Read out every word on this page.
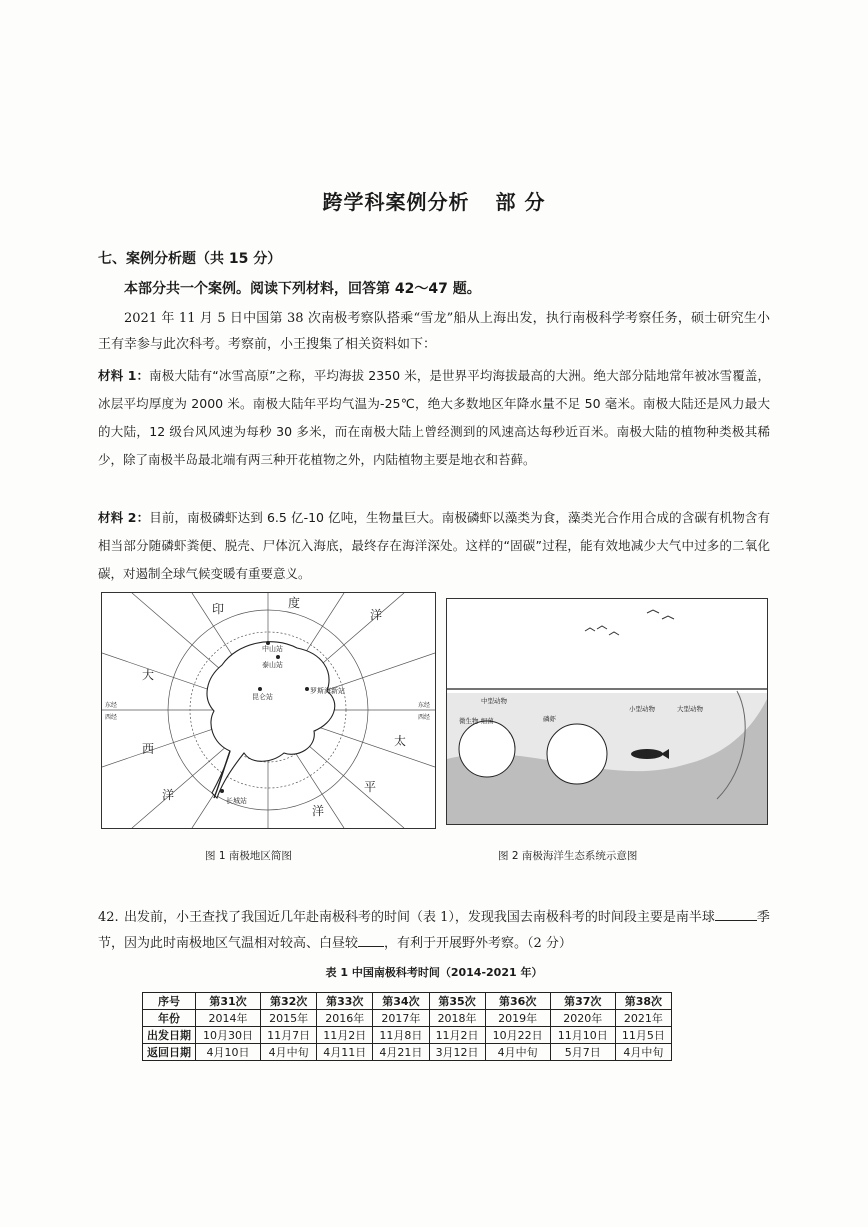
跨学科案例分析 部 分
七、案例分析题（共 15 分）
本部分共一个案例。阅读下列材料，回答第 42～47 题。

2021 年 11 月 5 日中国第 38 次南极考察队搭乘“雪龙”船从上海出发，执行南极科学考察任务，硕士研究生小王有幸参与此次科考。考察前，小王搜集了相关资料如下：

材料 1：南极大陆有“冰雪高原”之称，平均海拔 2350 米，是世界平均海拔最高的大洲。绝大部分陆地常年被冰雪覆盖，冰层平均厚度为 2000 米。南极大陆年平均气温为-25℃，绝大多数地区年降水量不足 50 毫米。南极大陆还是风力最大的大陆，12 级台风风速为每秒 30 多米，而在南极大陆上曾经测到的风速高达每秒近百米。南极大陆的植物种类极其稀少，除了南极半岛最北端有两三种开花植物之外，内陆植物主要是地衣和苔藓。

材料 2：目前，南极磷虾达到 6.5 亿-10 亿吨，生物量巨大。南极磷虾以藻类为食，藻类光合作用合成的含碳有机物含有相当部分随磷虾粪便、脱壳、尸体沉入海底，最终存在海洋深处。这样的“固碳”过程，能有效地减少大气中过多的二氧化碳，对遏制全球气候变暖有重要意义。

印	度
洋
大
西
洋
太
平
洋
中山站
泰山站
昆仑站
罗斯海新站
长城站
东经
西经
东经
西经
中型动物
微生物 细菌	磷虾
小型动物	大型动物
图 1 南极地区简图	图 2 南极海洋生态系统示意图

42. 出发前，小王查找了我国近几年赴南极科考的时间（表 1），发现我国去南极科考的时间段主要是南半球	季节，因为此时南极地区气温相对较高、白昼较 ，有利于开展野外考察。（2 分）

表 1 中国南极科考时间（2014-2021 年）
序号	第31次	第32次	第33次	第34次	第35次	第36次	第37次	第38次
年份	2014年	2015年	2016年	2017年	2018年	2019年	2020年	2021年
出发日期	10月30日	11月7日	11月2日	11月8日	11月2日	10月22日	11月10日	11月5日
返回日期	4月10日	4月中旬	4月11日	4月21日	3月12日	4月中旬	5月7日	4月中旬
